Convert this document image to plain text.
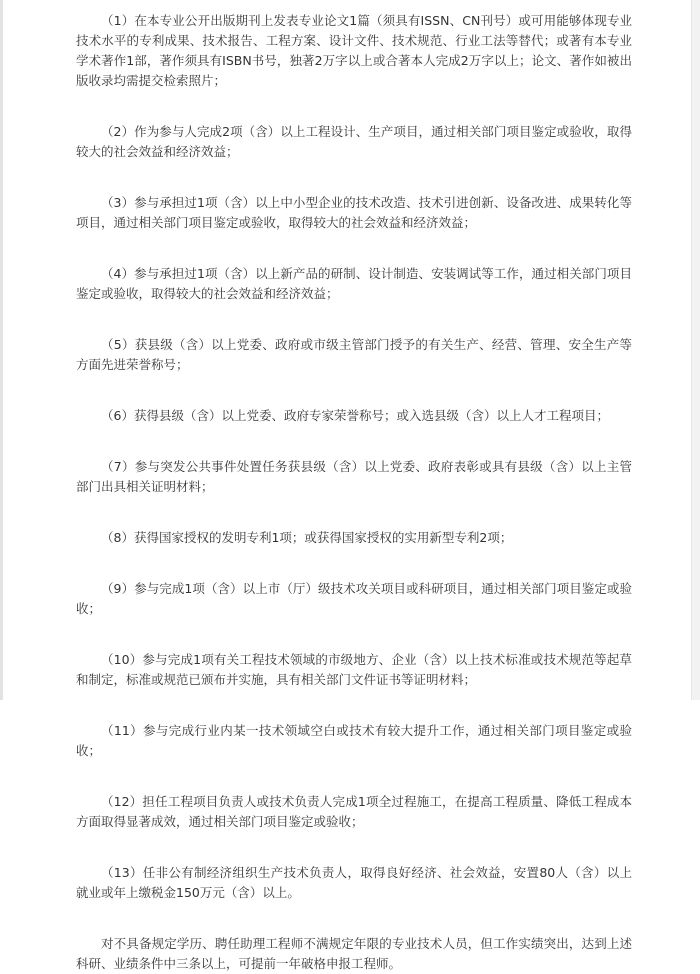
（1）在本专业公开出版期刊上发表专业论文1篇（须具有ISSN、CN刊号）或可用能够体现专业技术水平的专利成果、技术报告、工程方案、设计文件、技术规范、行业工法等替代；或著有本专业学术著作1部，著作须具有ISBN书号，独著2万字以上或合著本人完成2万字以上；论文、著作如被出版收录均需提交检索照片；

（2）作为参与人完成2项（含）以上工程设计、生产项目，通过相关部门项目鉴定或验收，取得较大的社会效益和经济效益；

（3）参与承担过1项（含）以上中小型企业的技术改造、技术引进创新、设备改进、成果转化等项目，通过相关部门项目鉴定或验收，取得较大的社会效益和经济效益；

（4）参与承担过1项（含）以上新产品的研制、设计制造、安装调试等工作，通过相关部门项目鉴定或验收，取得较大的社会效益和经济效益；

（5）获县级（含）以上党委、政府或市级主管部门授予的有关生产、经营、管理、安全生产等方面先进荣誉称号；

（6）获得县级（含）以上党委、政府专家荣誉称号；或入选县级（含）以上人才工程项目；

（7）参与突发公共事件处置任务获县级（含）以上党委、政府表彰或具有县级（含）以上主管部门出具相关证明材料；

（8）获得国家授权的发明专利1项；或获得国家授权的实用新型专利2项；

（9）参与完成1项（含）以上市（厅）级技术攻关项目或科研项目，通过相关部门项目鉴定或验收；

（10）参与完成1项有关工程技术领域的市级地方、企业（含）以上技术标准或技术规范等起草和制定，标准或规范已颁布并实施，具有相关部门文件证书等证明材料；

（11）参与完成行业内某一技术领域空白或技术有较大提升工作，通过相关部门项目鉴定或验收；

（12）担任工程项目负责人或技术负责人完成1项全过程施工，在提高工程质量、降低工程成本方面取得显著成效，通过相关部门项目鉴定或验收；

（13）任非公有制经济组织生产技术负责人，取得良好经济、社会效益，安置80人（含）以上就业或年上缴税金150万元（含）以上。

对不具备规定学历、聘任助理工程师不满规定年限的专业技术人员，但工作实绩突出，达到上述科研、业绩条件中三条以上，可提前一年破格申报工程师。
